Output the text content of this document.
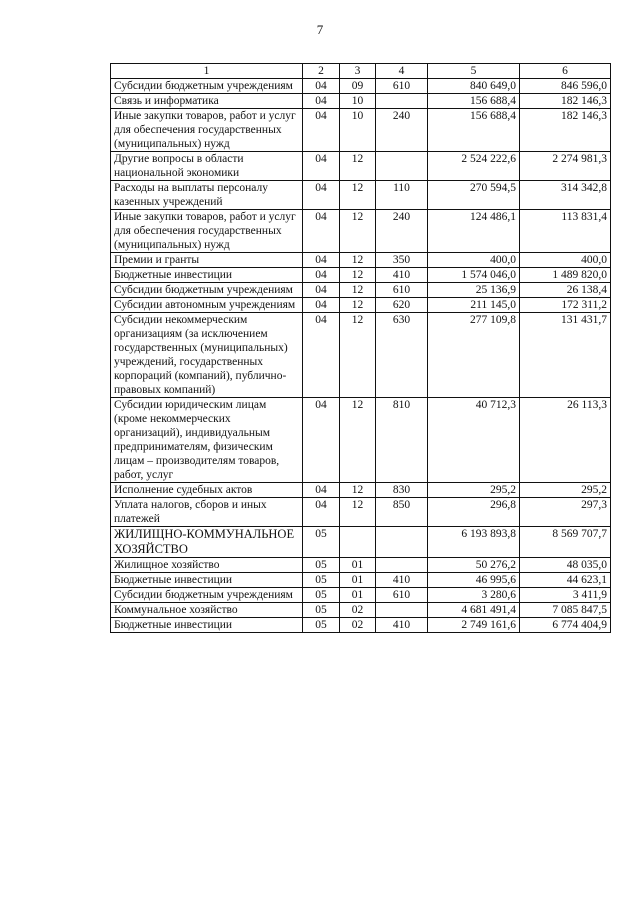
7
1	2	3	4	5	6
Субсидии бюджетным учреждениям	04	09	610	840 649,0	846 596,0
Связь и информатика	04	10		156 688,4	182 146,3
Иные закупки товаров, работ и услуг для обеспечения государственных (муниципальных) нужд	04	10	240	156 688,4	182 146,3
Другие вопросы в области национальной экономики	04	12		2 524 222,6	2 274 981,3
Расходы на выплаты персоналу казенных учреждений	04	12	110	270 594,5	314 342,8
Иные закупки товаров, работ и услуг для обеспечения государственных (муниципальных) нужд	04	12	240	124 486,1	113 831,4
Премии и гранты	04	12	350	400,0	400,0
Бюджетные инвестиции	04	12	410	1 574 046,0	1 489 820,0
Субсидии бюджетным учреждениям	04	12	610	25 136,9	26 138,4
Субсидии автономным учреждениям	04	12	620	211 145,0	172 311,2
Субсидии некоммерческим организациям (за исключением государственных (муниципальных) учреждений, государственных корпораций (компаний), публично-правовых компаний)	04	12	630	277 109,8	131 431,7
Субсидии юридическим лицам (кроме некоммерческих организаций), индивидуальным предпринимателям, физическим лицам – производителям товаров, работ, услуг	04	12	810	40 712,3	26 113,3
Исполнение судебных актов	04	12	830	295,2	295,2
Уплата налогов, сборов и иных платежей	04	12	850	296,8	297,3
ЖИЛИЩНО-КОММУНАЛЬНОЕ ХОЗЯЙСТВО	05			6 193 893,8	8 569 707,7
Жилищное хозяйство	05	01		50 276,2	48 035,0
Бюджетные инвестиции	05	01	410	46 995,6	44 623,1
Субсидии бюджетным учреждениям	05	01	610	3 280,6	3 411,9
Коммунальное хозяйство	05	02		4 681 491,4	7 085 847,5
Бюджетные инвестиции	05	02	410	2 749 161,6	6 774 404,9
